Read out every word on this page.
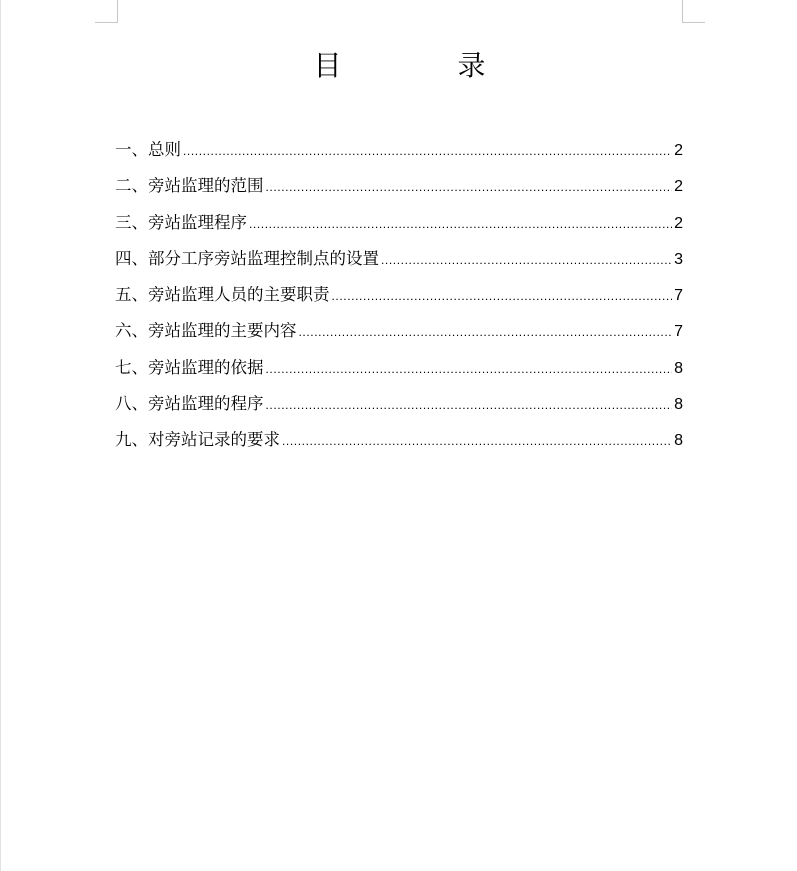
目　录
一、总则 .....	2
二、旁站监理的范围 .....	2
三、旁站监理程序 .....	2
四、部分工序旁站监理控制点的设置 .....	3
五、旁站监理人员的主要职责 .....	7
六、旁站监理的主要内容 .....	7
七、旁站监理的依据 .....	8
八、旁站监理的程序 .....	8
九、对旁站记录的要求 .....	8
